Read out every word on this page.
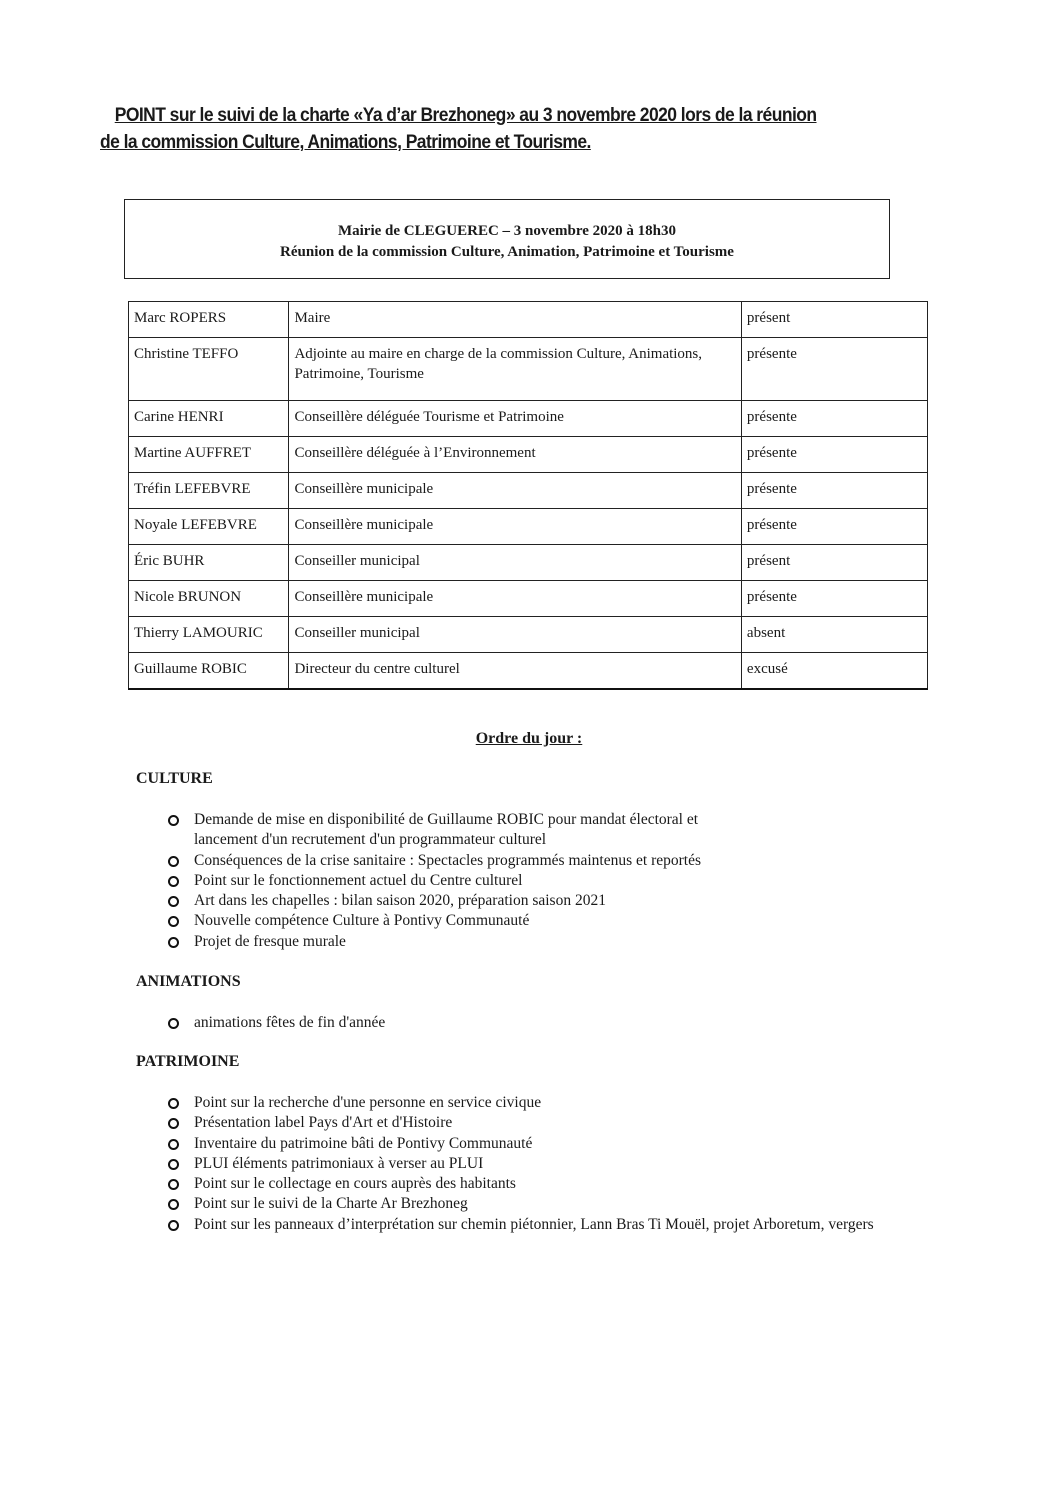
POINT sur le suivi de la charte «Ya d’ar Brezhoneg» au 3 novembre 2020 lors de la réunion
de la commission Culture, Animations, Patrimoine et Tourisme.
Mairie de CLEGUEREC – 3 novembre 2020 à 18h30
Réunion de la commission Culture, Animation, Patrimoine et Tourisme
Marc ROPERS	Maire	présent
Christine TEFFO	Adjointe au maire en charge de la commission Culture, Animations, Patrimoine, Tourisme	présente
Carine HENRI	Conseillère déléguée Tourisme et Patrimoine	présente
Martine AUFFRET	Conseillère déléguée à l’Environnement	présente
Tréfin LEFEBVRE	Conseillère municipale	présente
Noyale LEFEBVRE	Conseillère municipale	présente
Éric BUHR	Conseiller municipal	présent
Nicole BRUNON	Conseillère municipale	présente
Thierry LAMOURIC	Conseiller municipal	absent
Guillaume ROBIC	Directeur du centre culturel	excusé
Ordre du jour :
CULTURE
Demande de mise en disponibilité de Guillaume ROBIC pour mandat électoral et lancement d'un recrutement d'un programmateur culturel
Conséquences de la crise sanitaire : Spectacles programmés maintenus et reportés
Point sur le fonctionnement actuel du Centre culturel
Art dans les chapelles : bilan saison 2020, préparation saison 2021
Nouvelle compétence Culture à Pontivy Communauté
Projet de fresque murale
ANIMATIONS
animations fêtes de fin d'année
PATRIMOINE
Point sur la recherche d'une personne en service civique
Présentation label Pays d'Art et d'Histoire
Inventaire du patrimoine bâti de Pontivy Communauté
PLUI éléments patrimoniaux à verser au PLUI
Point sur le collectage en cours auprès des habitants
Point sur le suivi de la Charte Ar Brezhoneg
Point sur les panneaux d’interprétation sur chemin piétonnier, Lann Bras Ti Mouël, projet Arboretum, vergers
